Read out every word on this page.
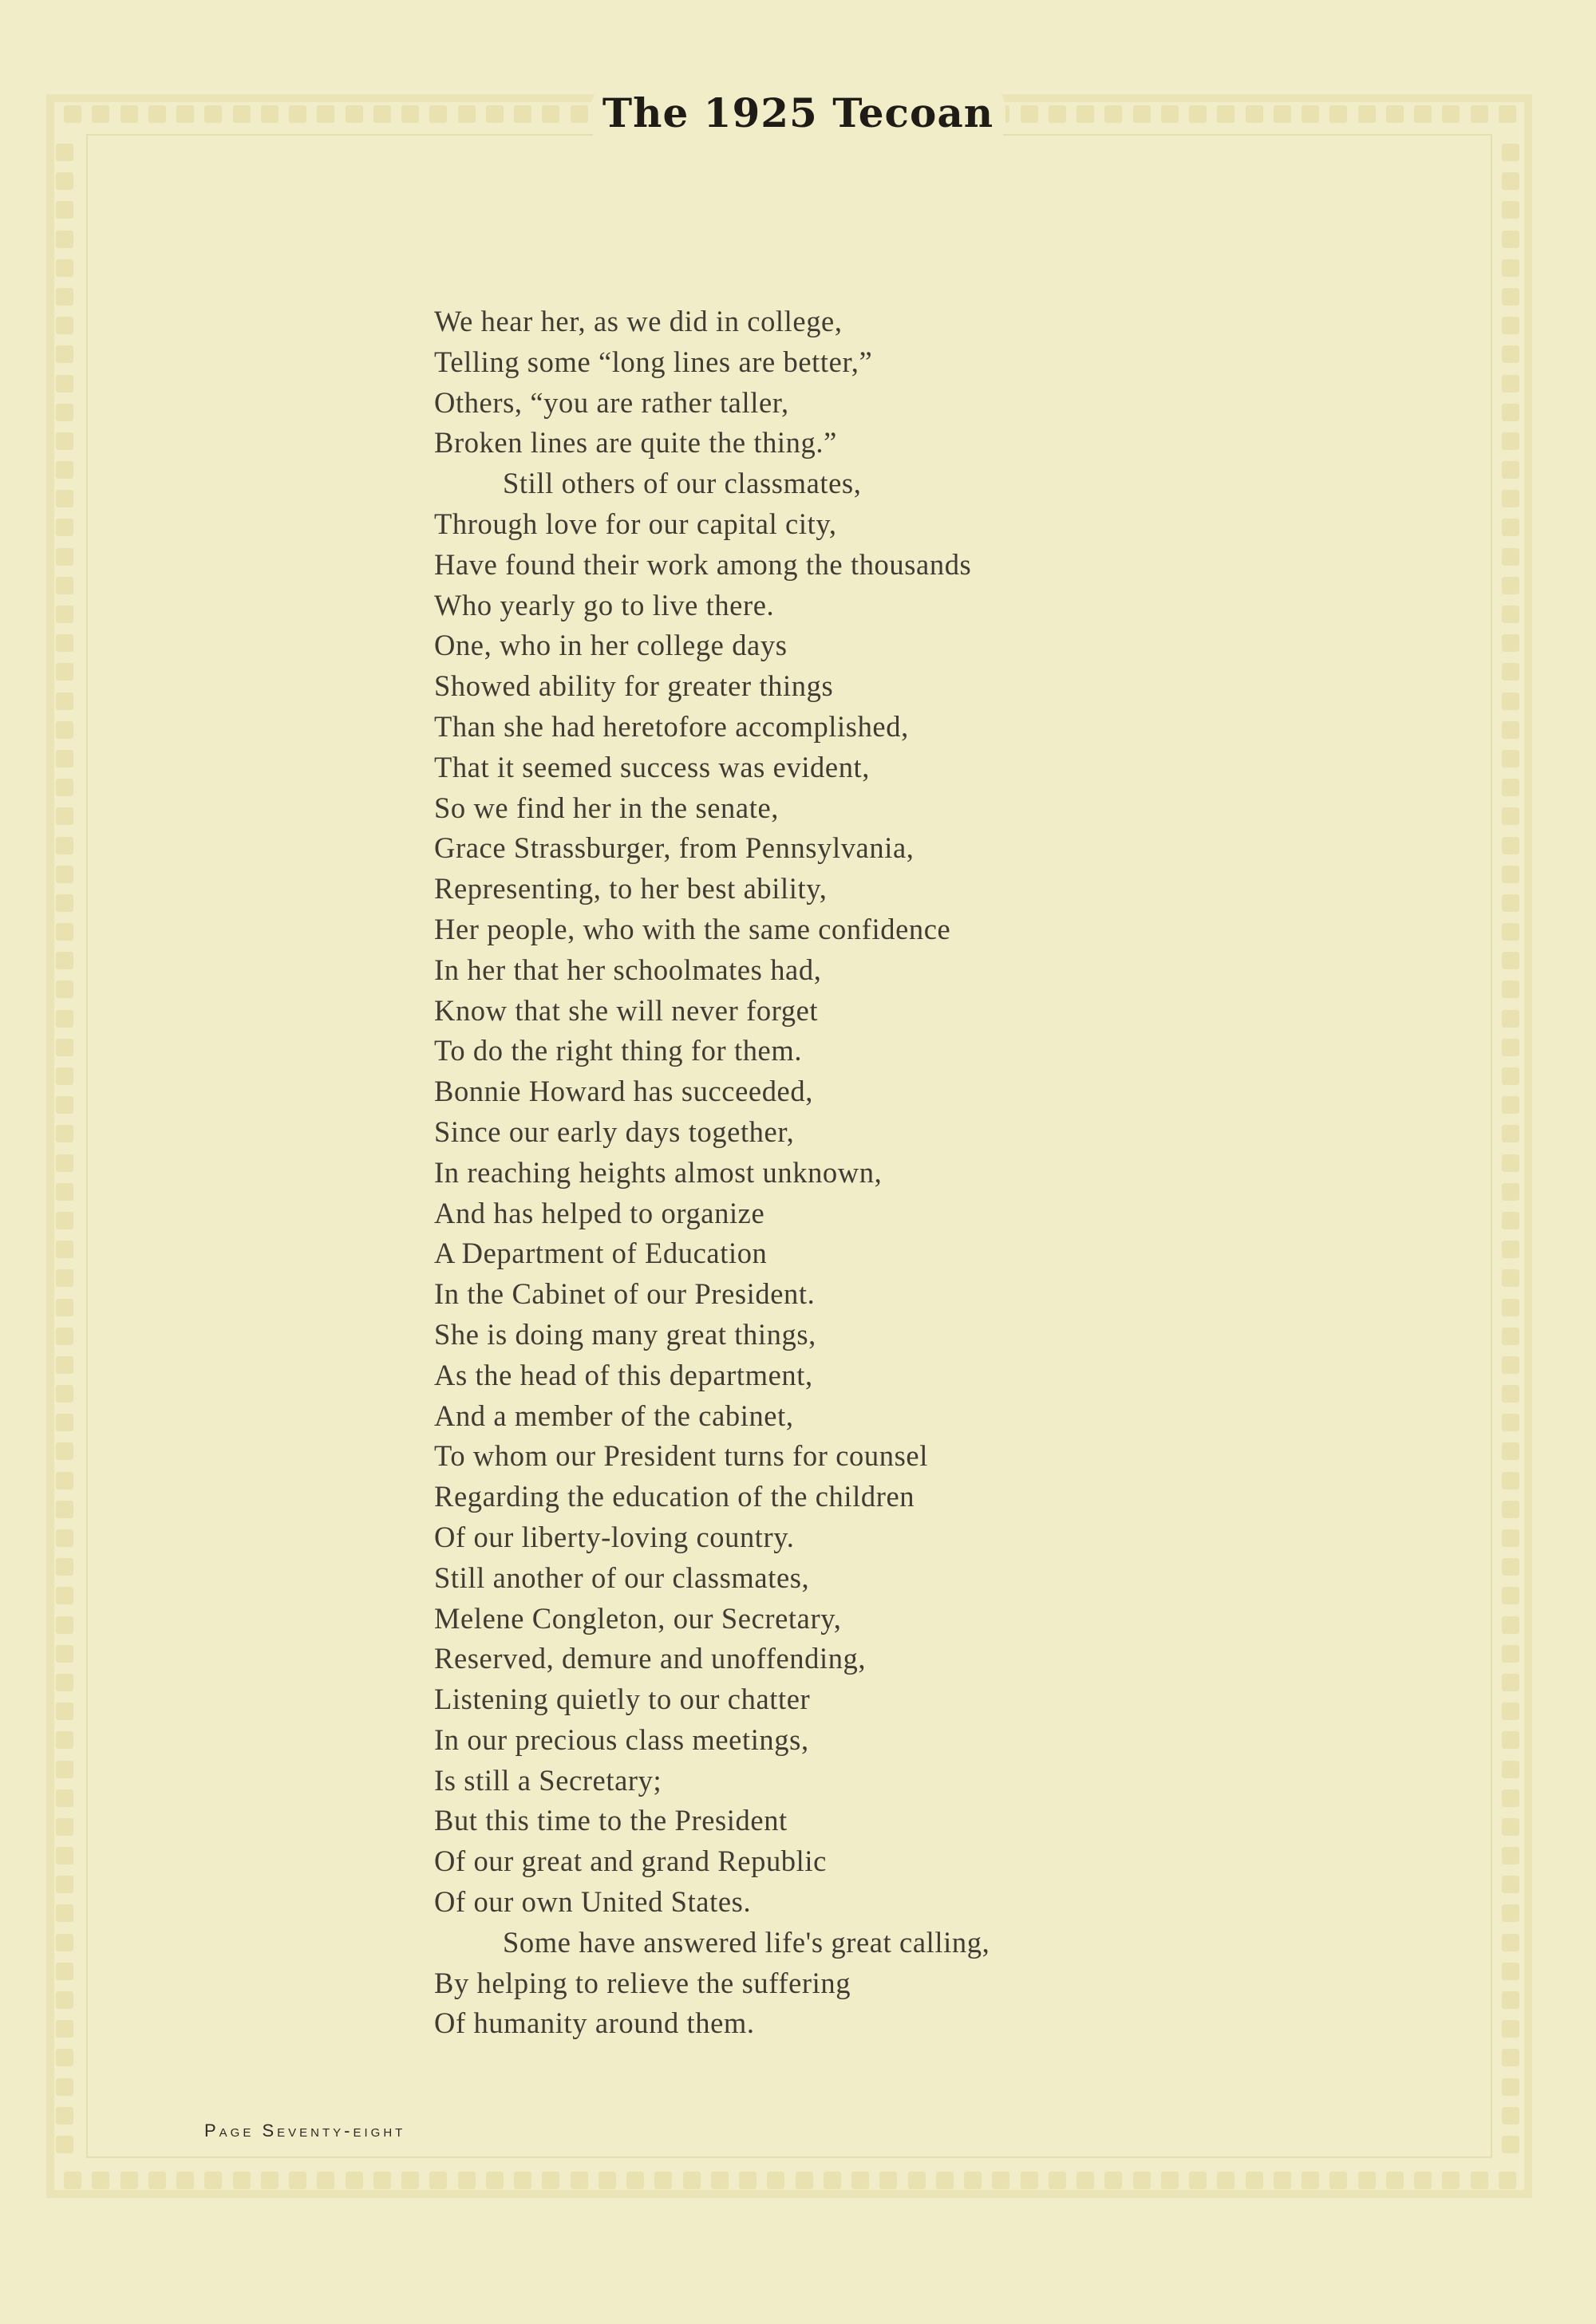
The 1925 Tecoan
We hear her, as we did in college,
Telling some “long lines are better,”
Others, “you are rather taller,
Broken lines are quite the thing.”
Still others of our classmates,
Through love for our capital city,
Have found their work among the thousands
Who yearly go to live there.
One, who in her college days
Showed ability for greater things
Than she had heretofore accomplished,
That it seemed success was evident,
So we find her in the senate,
Grace Strassburger, from Pennsylvania,
Representing, to her best ability,
Her people, who with the same confidence
In her that her schoolmates had,
Know that she will never forget
To do the right thing for them.
Bonnie Howard has succeeded,
Since our early days together,
In reaching heights almost unknown,
And has helped to organize
A Department of Education
In the Cabinet of our President.
She is doing many great things,
As the head of this department,
And a member of the cabinet,
To whom our President turns for counsel
Regarding the education of the children
Of our liberty-loving country.
Still another of our classmates,
Melene Congleton, our Secretary,
Reserved, demure and unoffending,
Listening quietly to our chatter
In our precious class meetings,
Is still a Secretary;
But this time to the President
Of our great and grand Republic
Of our own United States.
Some have answered life's great calling,
By helping to relieve the suffering
Of humanity around them.
Page Seventy-eight
